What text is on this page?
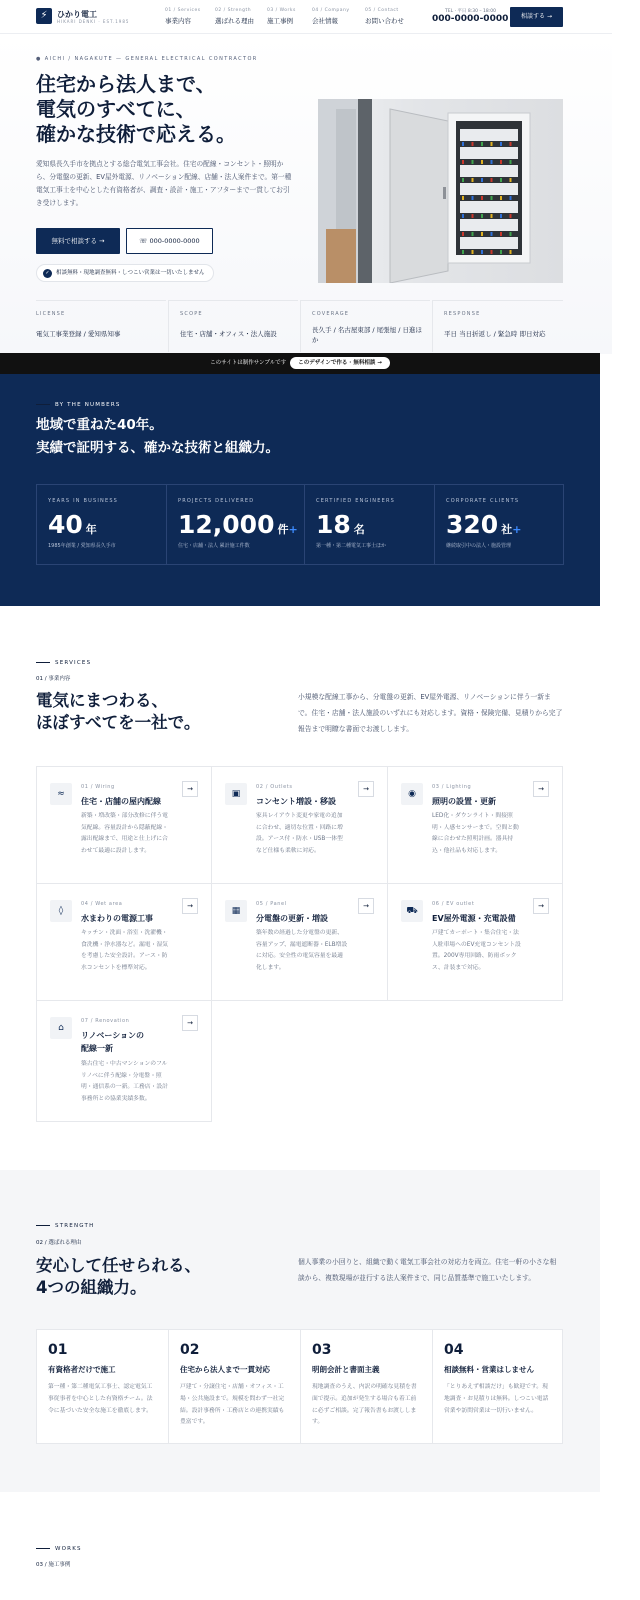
⚡	ひかり電工
HIKARI DENKI · EST.1985
01 / Services
事業内容
02 / Strength
選ばれる理由
03 / Works
施工事例
04 / Company
会社情報
05 / Contact
お問い合わせ
TEL · 平日 8:30 – 18:00
000-0000-0000	相談する →
● AICHI / NAGAKUTE — GENERAL ELECTRICAL CONTRACTOR
住宅から法人まで、
電気のすべてに、
確かな技術で応える。
愛知県長久手市を拠点とする総合電気工事会社。住宅の配線・コンセント・照明から、分電盤の更新、EV屋外電源、リノベーション配線、店舗・法人案件まで。第一種電気工事士を中心とした有資格者が、調査・設計・施工・アフターまで一貫してお引き受けします。
無料で相談する →	☏ 000-0000-0000
✓ 相談無料・現地調査無料・しつこい営業は一切いたしません
LICENSE
電気工事業登録 / 愛知県知事
SCOPE
住宅・店舗・オフィス・法人施設
COVERAGE
長久手 / 名古屋東部 / 尾張旭 / 日進ほか
RESPONSE
平日 当日折返し / 緊急時 即日対応
このサイトは制作サンプルです このデザインで作る · 無料相談 →
BY THE NUMBERS
地域で重ねた40年。
実績で証明する、確かな技術と組織力。
YEARS IN BUSINESS
40 年
1985年創業 / 愛知県長久手市
PROJECTS DELIVERED
12,000 件+
住宅・店舗・法人 累計施工件数
CERTIFIED ENGINEERS
18 名
第一種・第二種電気工事士ほか
CORPORATE CLIENTS
320 社+
継続取引中の法人・施設管理
SERVICES
01 / 事業内容
電気にまつわる、
ほぼすべてを一社で。
小規模な配線工事から、分電盤の更新、EV屋外電源、リノベーションに伴う一新まで。住宅・店舗・法人施設のいずれにも対応します。資格・保険完備、見積りから完了報告まで明瞭な書面でお渡しします。
≈
01 / Wiring
住宅・店舗の屋内配線
→
新築・増改築・部分改修に伴う電気配線。容量設計から隠蔽配線・露出配線まで、用途と仕上げに合わせて最適に設計します。
▣
02 / Outlets
コンセント増設・移設
→
家具レイアウト変更や家電の追加に合わせ、適切な位置・回路に増設。アース付・防水・USB一体型など仕様も柔軟に対応。
◉
03 / Lighting
照明の設置・更新
→
LED化・ダウンライト・間接照明・人感センサーまで。空間と動線に合わせた照明計画。器具持込・他社品も対応します。
◊
04 / Wet area
水まわりの電源工事
→
キッチン・洗面・浴室・洗濯機・食洗機・浄水器など。漏電・湿気を考慮した安全設計。アース・防水コンセントを標準対応。
▦
05 / Panel
分電盤の更新・増設
→
築年数の経過した分電盤の更新、容量アップ、漏電遮断器・ELB増設に対応。安全性の電気容量を最適化します。
⛟
06 / EV outlet
EV屋外電源・充電設備
→
戸建てカーポート・集合住宅・法人駐車場へのEV充電コンセント設置。200V専用回路、防雨ボックス、計装まで対応。
⌂
07 / Renovation
リノベーションの配線一新
→
築古住宅・中古マンションのフルリノベに伴う配線・分電盤・照明・通信系の一新。工務店・設計事務所との協業実績多数。
STRENGTH
02 / 選ばれる理由
安心して任せられる、
4つの組織力。
個人事業の小回りと、組織で動く電気工事会社の対応力を両立。住宅一軒の小さな相談から、複数現場が並行する法人案件まで、同じ品質基準で施工いたします。
01
有資格者だけで施工
第一種・第二種電気工事士、認定電気工事従事者を中心とした有資格チーム。法令に基づいた安全な施工を徹底します。
02
住宅から法人まで一貫対応
戸建て・分譲住宅・店舗・オフィス・工場・公共施設まで。規模を問わず一社完結。設計事務所・工務店との連携実績も豊富です。
03
明朗会計と書面主義
現地調査のうえ、内訳の明確な見積を書面で提示。追加が発生する場合も着工前に必ずご相談。完了報告書もお渡しします。
04
相談無料・営業はしません
「とりあえず相談だけ」も歓迎です。現地調査・お見積りは無料。しつこい電話営業や訪問営業は一切行いません。
WORKS
03 / 施工事例
